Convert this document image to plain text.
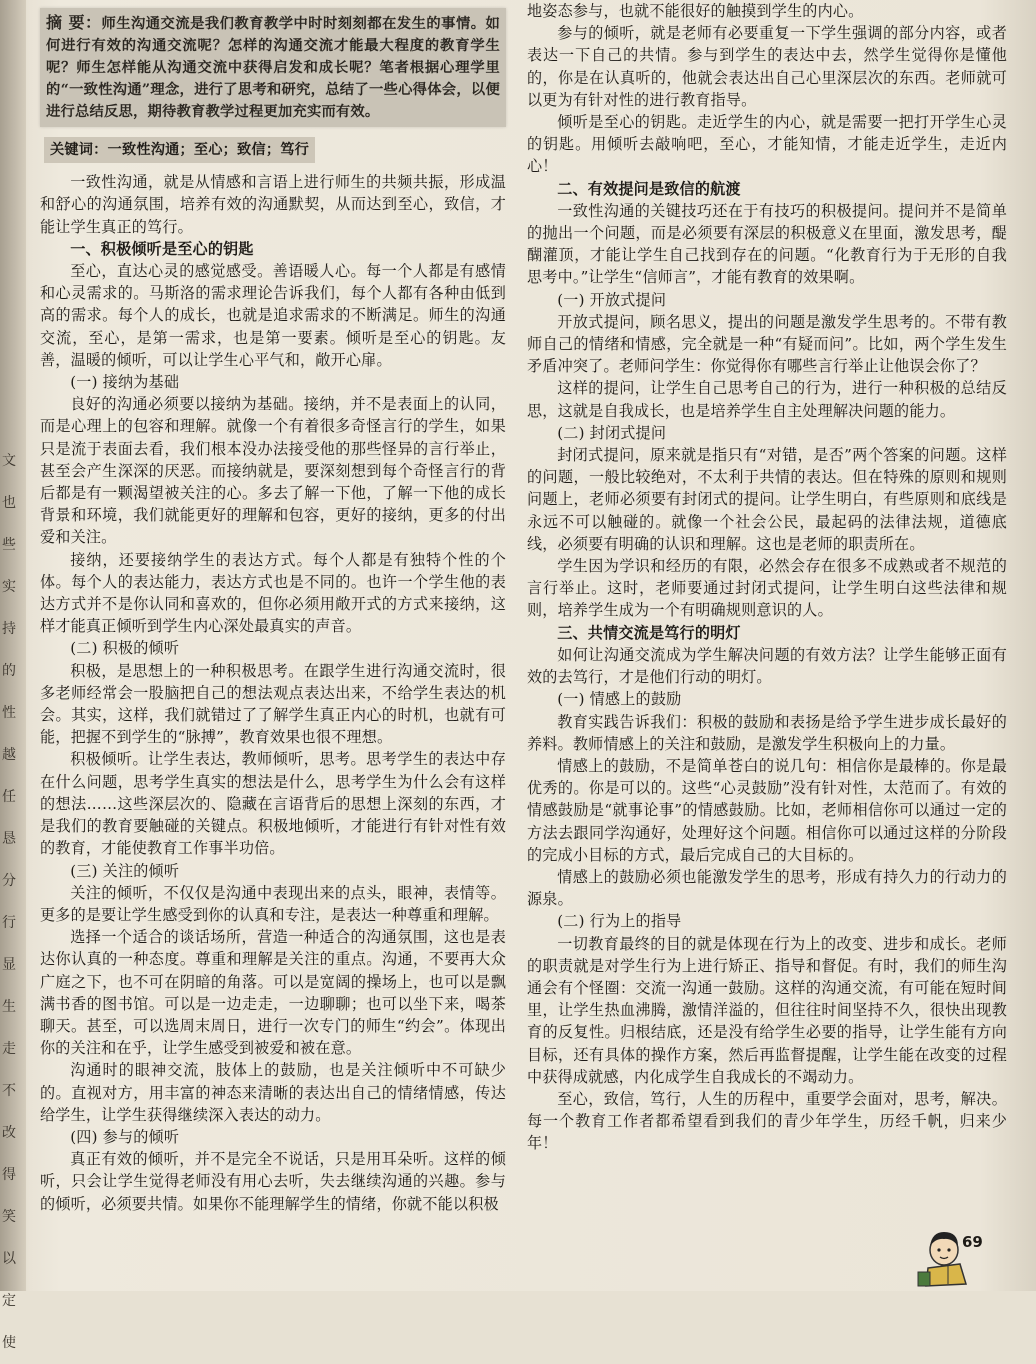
文
也
些
实
持
的
性
越
任
恳
分
行
显
生
走
不
改
得
笑
以
定
使
摘 要：师生沟通交流是我们教育教学中时时刻刻都在发生的事情。如何进行有效的沟通交流呢？怎样的沟通交流才能最大程度的教育学生呢？师生怎样能从沟通交流中获得启发和成长呢？笔者根据心理学里的“一致性沟通”理念，进行了思考和研究，总结了一些心得体会，以便进行总结反思，期待教育教学过程更加充实而有效。
关键词：一致性沟通；至心；致信；笃行

一致性沟通，就是从情感和言语上进行师生的共频共振，形成温和舒心的沟通氛围，培养有效的沟通默契，从而达到至心，致信，才能让学生真正的笃行。

一、积极倾听是至心的钥匙

至心，直达心灵的感觉感受。善语暖人心。每一个人都是有感情和心灵需求的。马斯洛的需求理论告诉我们，每个人都有各种由低到高的需求。每个人的成长，也就是追求需求的不断满足。师生的沟通交流，至心，是第一需求，也是第一要素。倾听是至心的钥匙。友善，温暖的倾听，可以让学生心平气和，敞开心扉。

(一) 接纳为基础

良好的沟通必须要以接纳为基础。接纳，并不是表面上的认同，而是心理上的包容和理解。就像一个有着很多奇怪言行的学生，如果只是流于表面去看，我们根本没办法接受他的那些怪异的言行举止，甚至会产生深深的厌恶。而接纳就是，要深刻想到每个奇怪言行的背后都是有一颗渴望被关注的心。多去了解一下他，了解一下他的成长背景和环境，我们就能更好的理解和包容，更好的接纳，更多的付出爱和关注。

接纳，还要接纳学生的表达方式。每个人都是有独特个性的个体。每个人的表达能力，表达方式也是不同的。也许一个学生他的表达方式并不是你认同和喜欢的，但你必须用敞开式的方式来接纳，这样才能真正倾听到学生内心深处最真实的声音。

(二) 积极的倾听

积极，是思想上的一种积极思考。在跟学生进行沟通交流时，很多老师经常会一股脑把自己的想法观点表达出来，不给学生表达的机会。其实，这样，我们就错过了了解学生真正内心的时机，也就有可能，把握不到学生的“脉搏”，教育效果也很不理想。

积极倾听。让学生表达，教师倾听，思考。思考学生的表达中存在什么问题，思考学生真实的想法是什么，思考学生为什么会有这样的想法……这些深层次的、隐藏在言语背后的思想上深刻的东西，才是我们的教育要触碰的关键点。积极地倾听，才能进行有针对性有效的教育，才能使教育工作事半功倍。

(三) 关注的倾听

关注的倾听，不仅仅是沟通中表现出来的点头，眼神，表情等。更多的是要让学生感受到你的认真和专注，是表达一种尊重和理解。

选择一个适合的谈话场所，营造一种适合的沟通氛围，这也是表达你认真的一种态度。尊重和理解是关注的重点。沟通，不要再大众广庭之下，也不可在阴暗的角落。可以是宽阔的操场上，也可以是飘满书香的图书馆。可以是一边走走，一边聊聊；也可以坐下来，喝茶聊天。甚至，可以选周末周日，进行一次专门的师生“约会”。体现出你的关注和在乎，让学生感受到被爱和被在意。

沟通时的眼神交流，肢体上的鼓励，也是关注倾听中不可缺少的。直视对方，用丰富的神态来清晰的表达出自己的情绪情感，传达给学生，让学生获得继续深入表达的动力。

(四) 参与的倾听

真正有效的倾听，并不是完全不说话，只是用耳朵听。这样的倾听，只会让学生觉得老师没有用心去听，失去继续沟通的兴趣。参与的倾听，必须要共情。如果你不能理解学生的情绪，你就不能以积极

地姿态参与，也就不能很好的触摸到学生的内心。

参与的倾听，就是老师有必要重复一下学生强调的部分内容，或者表达一下自己的共情。参与到学生的表达中去，然学生觉得你是懂他的，你是在认真听的，他就会表达出自己心里深层次的东西。老师就可以更为有针对性的进行教育指导。

倾听是至心的钥匙。走近学生的内心，就是需要一把打开学生心灵的钥匙。用倾听去敲响吧，至心，才能知情，才能走近学生，走近内心！

二、有效提问是致信的航渡

一致性沟通的关键技巧还在于有技巧的积极提问。提问并不是简单的抛出一个问题，而是必须要有深层的积极意义在里面，激发思考，醍醐灌顶，才能让学生自己找到存在的问题。“化教育行为于无形的自我思考中。”让学生“信师言”，才能有教育的效果啊。

(一) 开放式提问

开放式提问，顾名思义，提出的问题是激发学生思考的。不带有教师自己的情绪和情感，完全就是一种“有疑而问”。比如，两个学生发生矛盾冲突了。老师问学生：你觉得你有哪些言行举止让他误会你了？

这样的提问，让学生自己思考自己的行为，进行一种积极的总结反思，这就是自我成长，也是培养学生自主处理解决问题的能力。

(二) 封闭式提问

封闭式提问，原来就是指只有“对错，是否”两个答案的问题。这样的问题，一般比较绝对，不太利于共情的表达。但在特殊的原则和规则问题上，老师必须要有封闭式的提问。让学生明白，有些原则和底线是永远不可以触碰的。就像一个社会公民，最起码的法律法规，道德底线，必须要有明确的认识和理解。这也是老师的职责所在。

学生因为学识和经历的有限，必然会存在很多不成熟或者不规范的言行举止。这时，老师要通过封闭式提问，让学生明白这些法律和规则，培养学生成为一个有明确规则意识的人。

三、共情交流是笃行的明灯

如何让沟通交流成为学生解决问题的有效方法？让学生能够正面有效的去笃行，才是他们行动的明灯。

(一) 情感上的鼓励

教育实践告诉我们：积极的鼓励和表扬是给予学生进步成长最好的养料。教师情感上的关注和鼓励，是激发学生积极向上的力量。

情感上的鼓励，不是简单苍白的说几句：相信你是最棒的。你是最优秀的。你是可以的。这些“心灵鼓励”没有针对性，太范而了。有效的情感鼓励是“就事论事”的情感鼓励。比如，老师相信你可以通过一定的方法去跟同学沟通好，处理好这个问题。相信你可以通过这样的分阶段的完成小目标的方式，最后完成自己的大目标的。

情感上的鼓励必须也能激发学生的思考，形成有持久力的行动力的源泉。

(二) 行为上的指导

一切教育最终的目的就是体现在行为上的改变、进步和成长。老师的职责就是对学生行为上进行矫正、指导和督促。有时，我们的师生沟通会有个怪圈：交流一沟通一鼓励。这样的沟通交流，有可能在短时间里，让学生热血沸腾，激情洋溢的，但往往时间坚持不久，很快出现教育的反复性。归根结底，还是没有给学生必要的指导，让学生能有方向目标，还有具体的操作方案，然后再监督提醒，让学生能在改变的过程中获得成就感，内化成学生自我成长的不竭动力。

至心，致信，笃行，人生的历程中，重要学会面对，思考，解决。每一个教育工作者都希望看到我们的青少年学生，历经千帆，归来少年！

69
